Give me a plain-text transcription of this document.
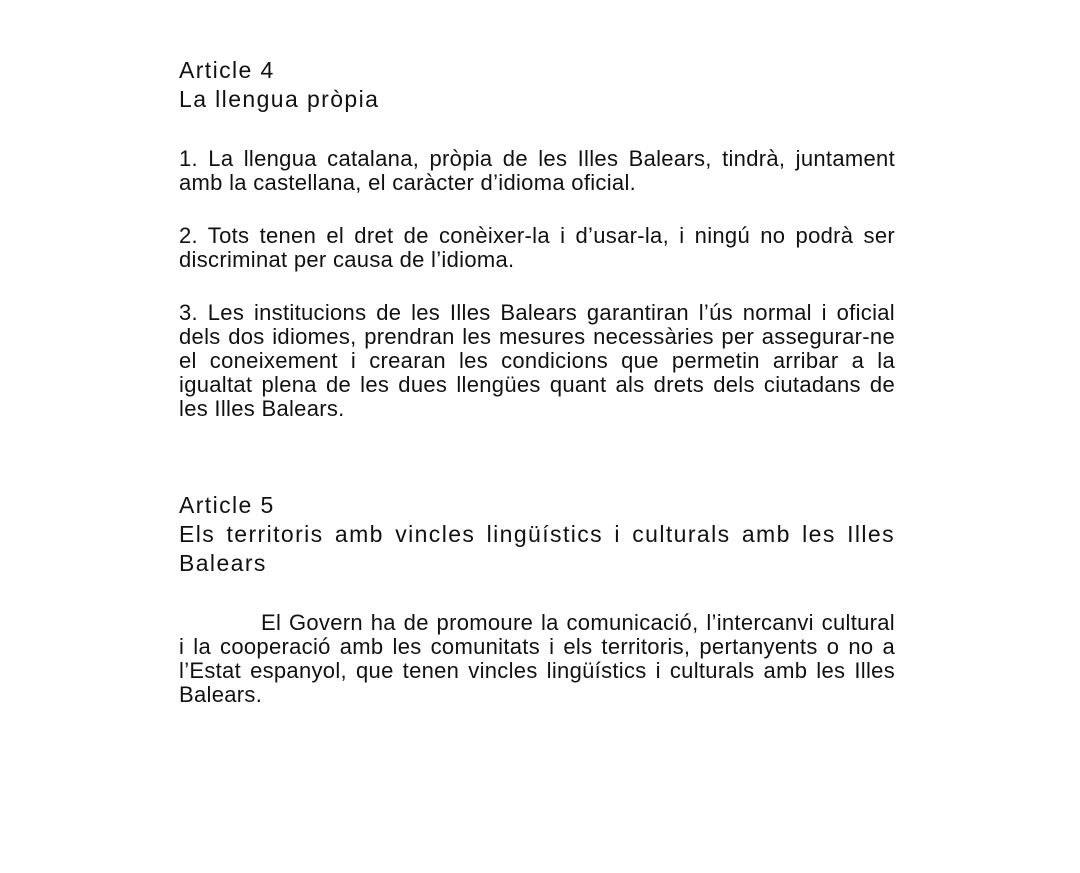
Article 4
La llengua pròpia

1. La llengua catalana, pròpia de les Illes Balears, tindrà, juntament amb la castellana, el caràcter d’idioma oficial.

2. Tots tenen el dret de conèixer-la i d’usar-la, i ningú no podrà ser discriminat per causa de l’idioma.

3. Les institucions de les Illes Balears garantiran l’ús normal i oficial dels dos idiomes, prendran les mesures necessàries per assegurar-ne el coneixement i crearan les condicions que permetin arribar a la igualtat plena de les dues llengües quant als drets dels ciutadans de les Illes Balears.

Article 5
Els territoris amb vincles lingüístics i culturals amb les Illes Balears

El Govern ha de promoure la comunicació, l’intercanvi cultural i la cooperació amb les comunitats i els territoris, pertanyents o no a l’Estat espanyol, que tenen vincles lingüístics i culturals amb les Illes Balears.
